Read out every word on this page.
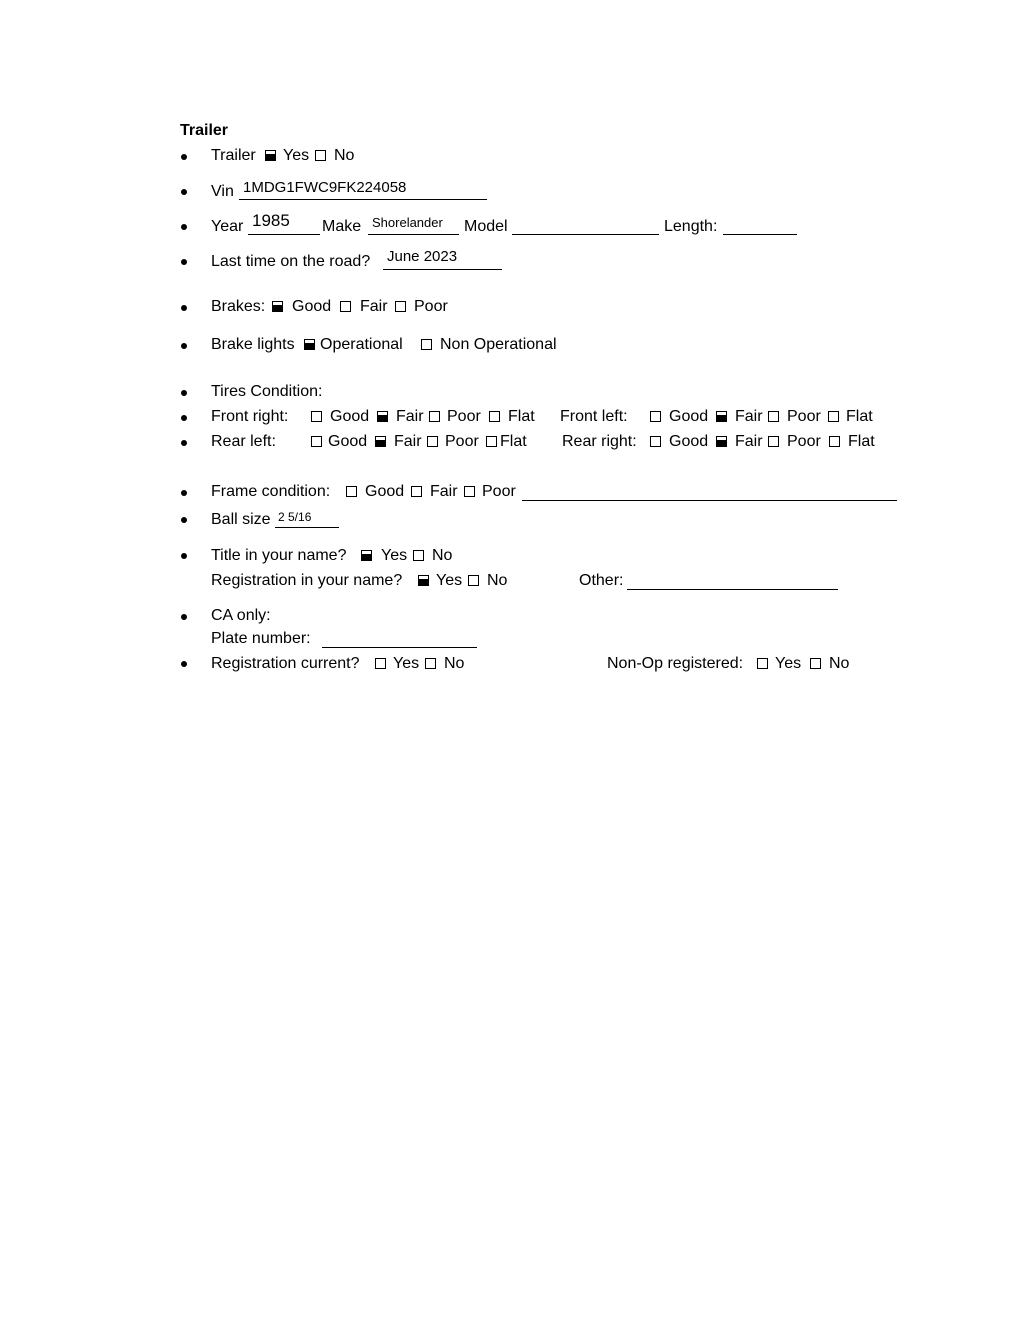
Trailer
Trailer Yes No
Vin 1MDG1FWC9FK224058
Year 1985 Make Shorelander Model	Length:
Last time on the road? June 2023
Brakes: Good Fair Poor
Brake lights Operational Non Operational
Tires Condition:
Front right:	Good Fair Poor Flat Front left:	Good Fair Poor Flat
Rear left:	Good Fair Poor Flat Rear right: Good Fair Poor Flat
Frame condition: Good Fair Poor
Ball size 2 5/16
Title in your name? Yes No
Registration in your name? Yes No	Other:
CA only:
Plate number:
Registration current? Yes No	Non-Op registered: Yes No
